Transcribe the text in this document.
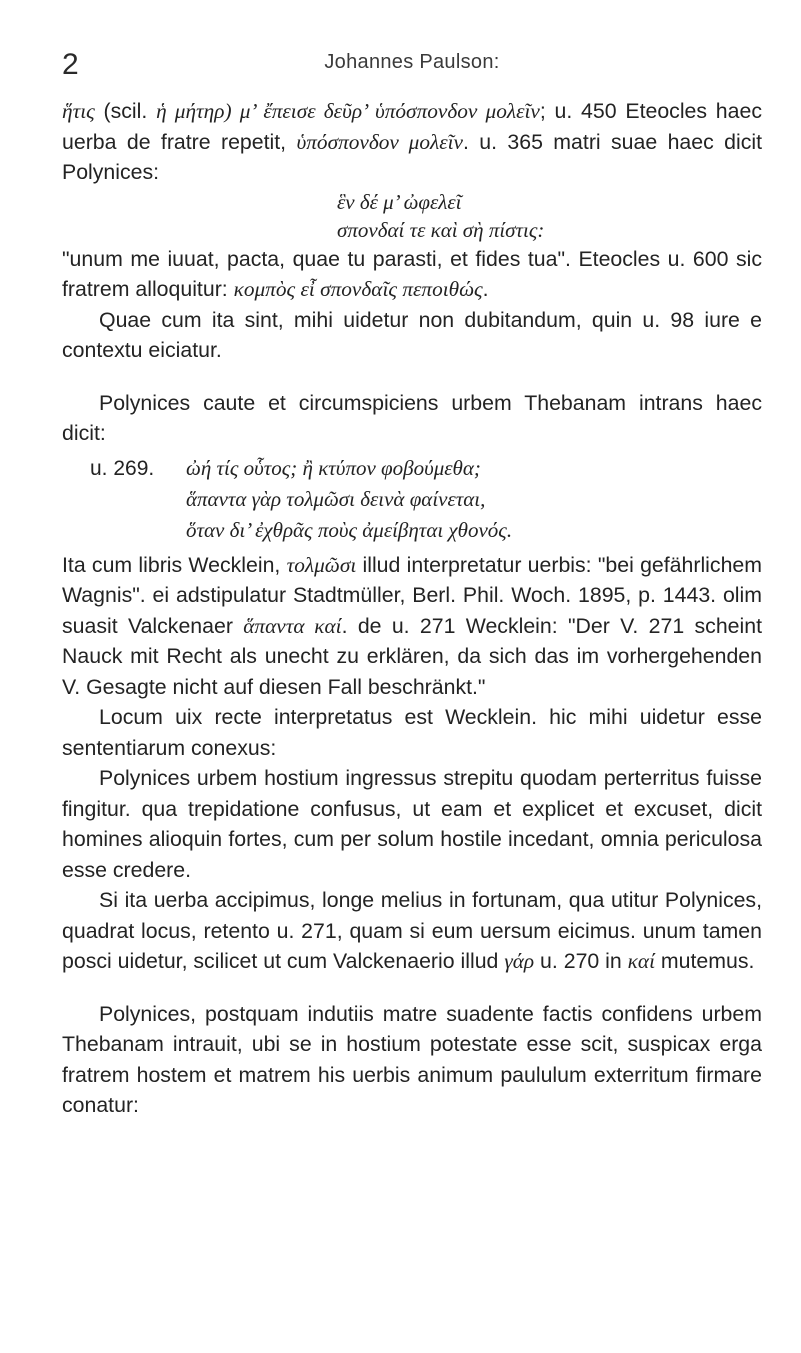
2	Johannes Paulson:

ἥτις (scil. ἡ μήτηρ) μ’ ἔπεισε δεῦρ’ ὑπόσπονδον μολεῖν; u. 450 Eteocles haec uerba de fratre repetit, ὑπόσπονδον μολεῖν. u. 365 matri suae haec dicit Polynices:

ἓν δέ μ’ ὠφελεῖ
σπονδαί τε καὶ σὴ πίστις:

"unum me iuuat, pacta, quae tu parasti, et fides tua". Eteocles u. 600 sic fratrem alloquitur: κομπὸς εἶ σπονδαῖς πεποιθώς.

Quae cum ita sint, mihi uidetur non dubitandum, quin u. 98 iure e contextu eiciatur.

Polynices caute et circumspiciens urbem Thebanam intrans haec dicit:

u. 269. ὠή τίς οὗτος; ἢ κτύπον φοβούμεθα;
ἅπαντα γὰρ τολμῶσι δεινὰ φαίνεται,
ὅταν δι’ ἐχθρᾶς ποὺς ἀμείβηται χθονός.

Ita cum libris Wecklein, τολμῶσι illud interpretatur uerbis: "bei gefährlichem Wagnis". ei adstipulatur Stadtmüller, Berl. Phil. Woch. 1895, p. 1443. olim suasit Valckenaer ἅπαντα καί. de u. 271 Wecklein: "Der V. 271 scheint Nauck mit Recht als unecht zu erklären, da sich das im vorhergehenden V. Gesagte nicht auf diesen Fall beschränkt."

Locum uix recte interpretatus est Wecklein. hic mihi uidetur esse sententiarum conexus:

Polynices urbem hostium ingressus strepitu quodam perterritus fuisse fingitur. qua trepidatione confusus, ut eam et explicet et excuset, dicit homines alioquin fortes, cum per solum hostile incedant, omnia periculosa esse credere.

Si ita uerba accipimus, longe melius in fortunam, qua utitur Polynices, quadrat locus, retento u. 271, quam si eum uersum eicimus. unum tamen posci uidetur, scilicet ut cum Valckenaerio illud γάρ u. 270 in καί mutemus.

Polynices, postquam indutiis matre suadente factis confidens urbem Thebanam intrauit, ubi se in hostium potestate esse scit, suspicax erga fratrem hostem et matrem his uerbis animum paululum exterritum firmare conatur:
